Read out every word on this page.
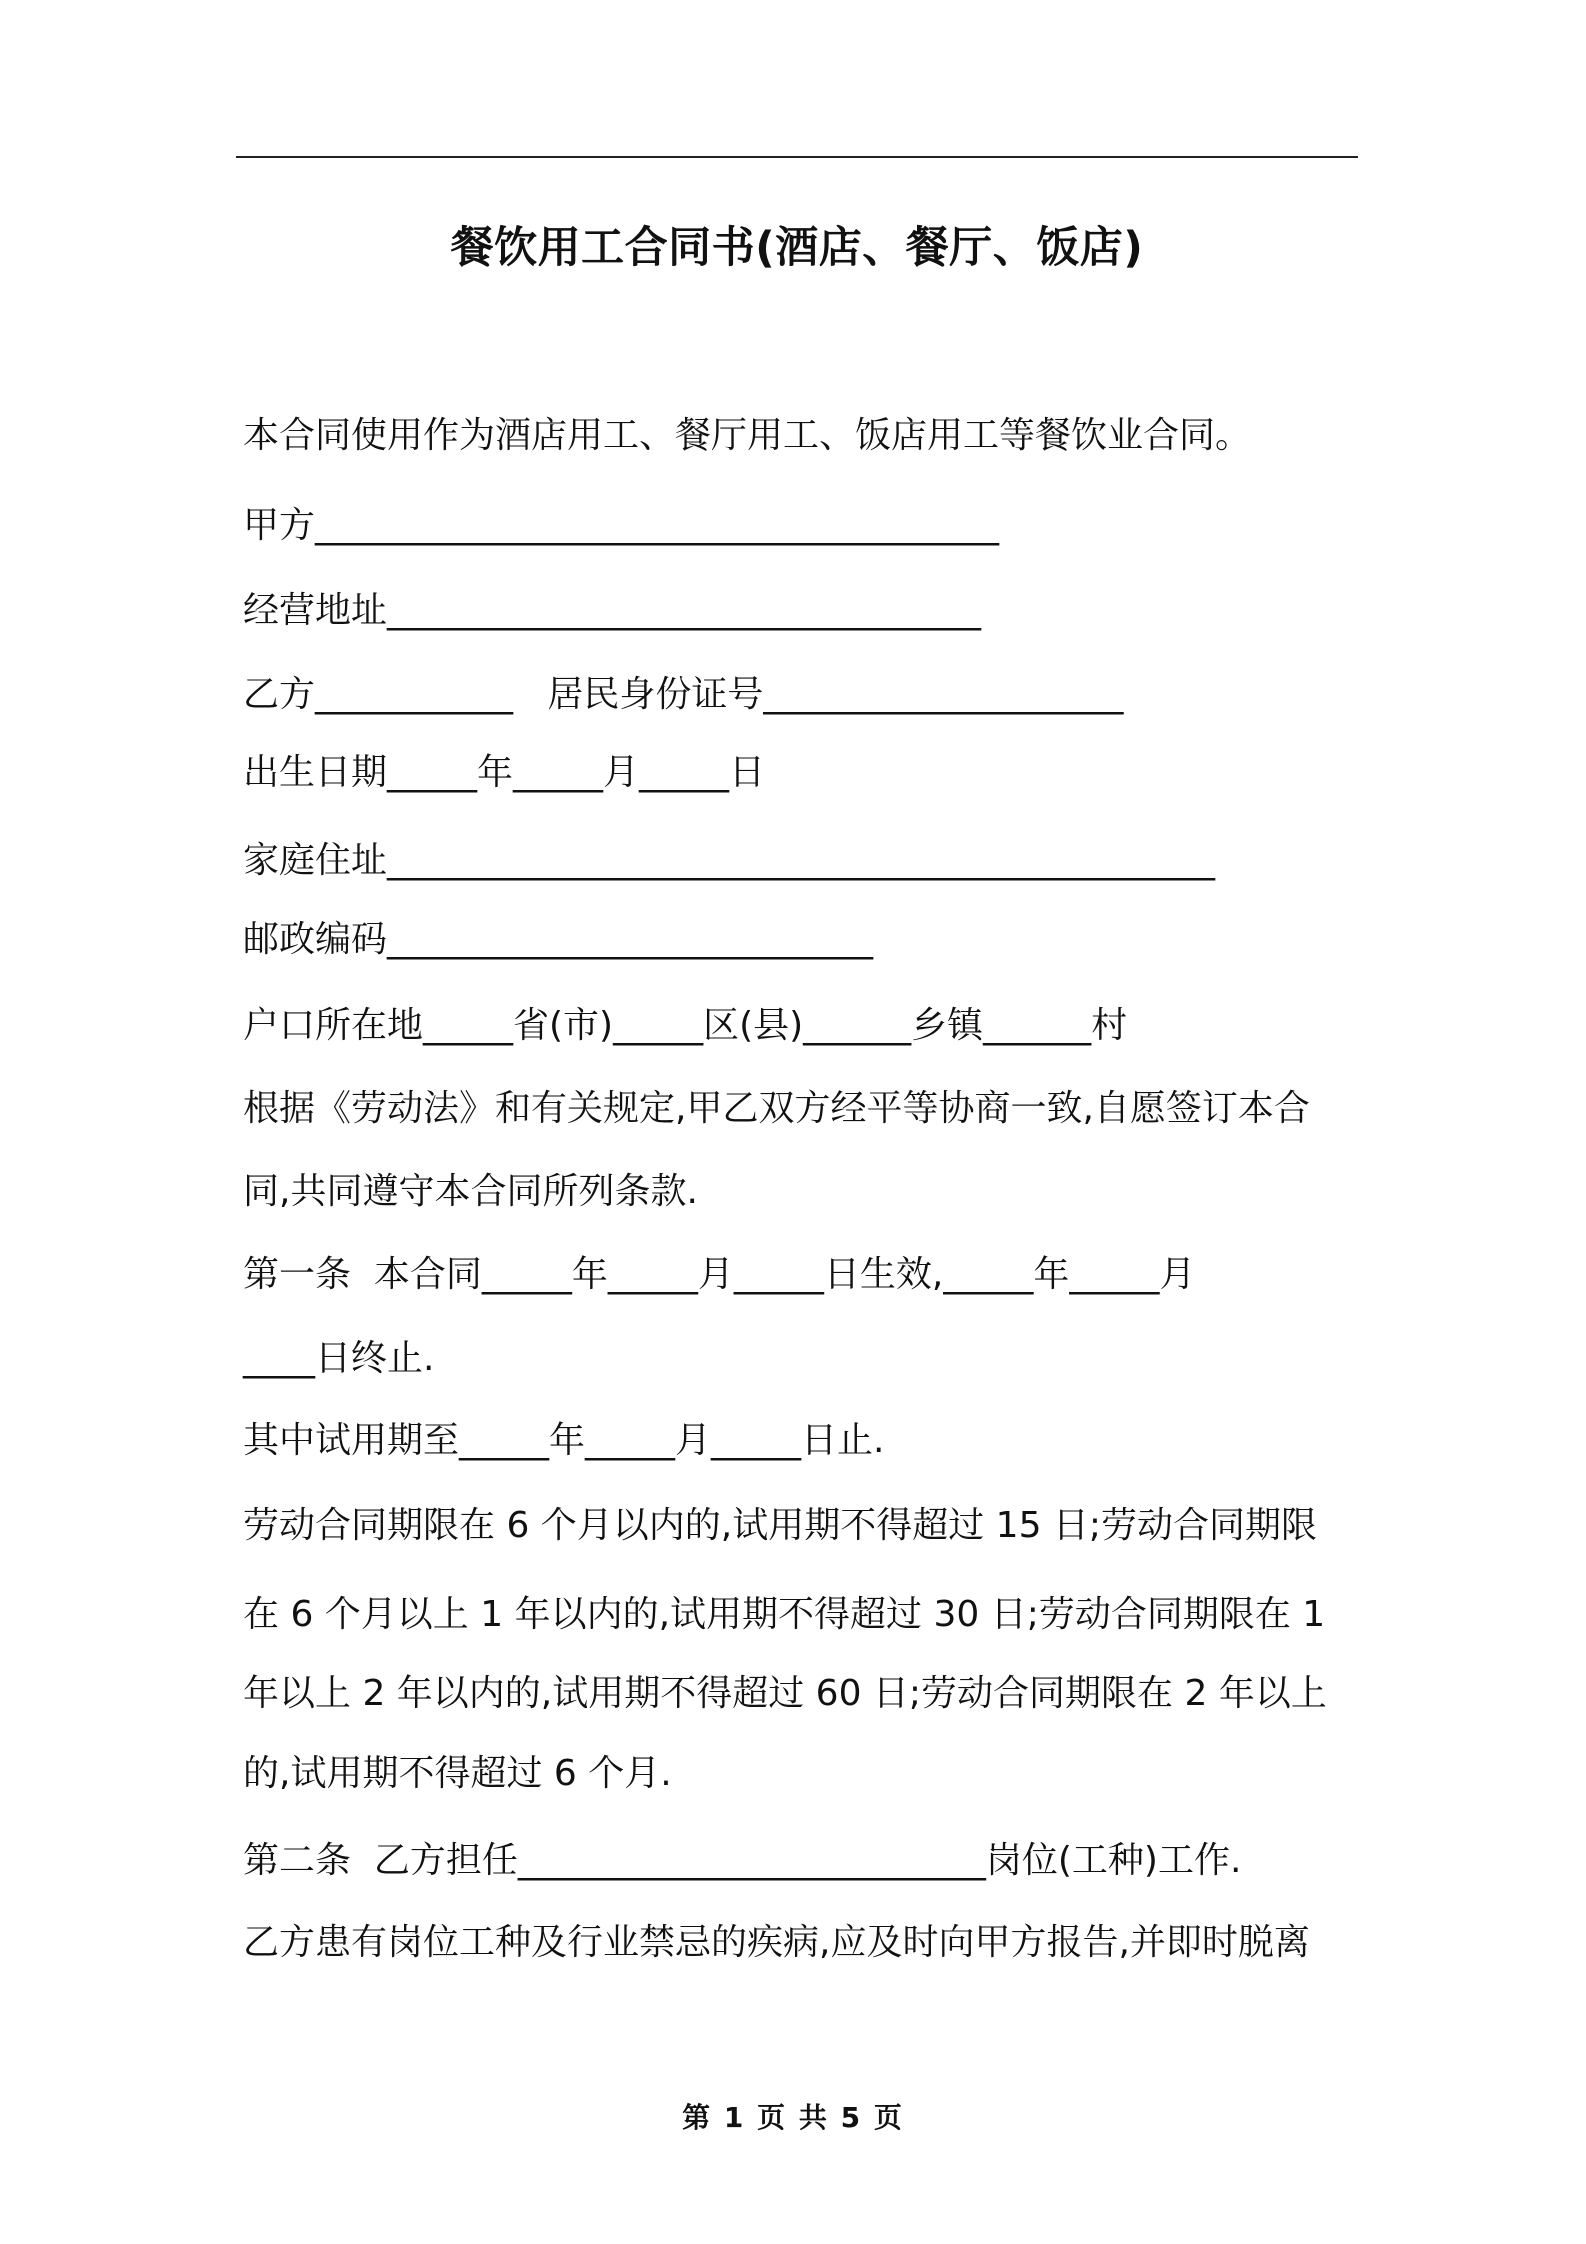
餐饮用工合同书(酒店、餐厅、饭店)
本合同使用作为酒店用工、餐厅用工、饭店用工等餐饮业合同。
甲方______________________________________
经营地址_________________________________
乙方___________   居民身份证号____________________
出生日期_____年_____月_____日
家庭住址______________________________________________
邮政编码___________________________
户口所在地_____省(市)_____区(县)______乡镇______村
根据《劳动法》和有关规定,甲乙双方经平等协商一致,自愿签订本合
同,共同遵守本合同所列条款.
第一条  本合同_____年_____月_____日生效,_____年_____月
____日终止.
其中试用期至_____年_____月_____日止.
劳动合同期限在 6 个月以内的,试用期不得超过 15 日;劳动合同期限
在 6 个月以上 1 年以内的,试用期不得超过 30 日;劳动合同期限在 1
年以上 2 年以内的,试用期不得超过 60 日;劳动合同期限在 2 年以上
的,试用期不得超过 6 个月.
第二条  乙方担任__________________________岗位(工种)工作.
乙方患有岗位工种及行业禁忌的疾病,应及时向甲方报告,并即时脱离
第 1 页 共 5 页
